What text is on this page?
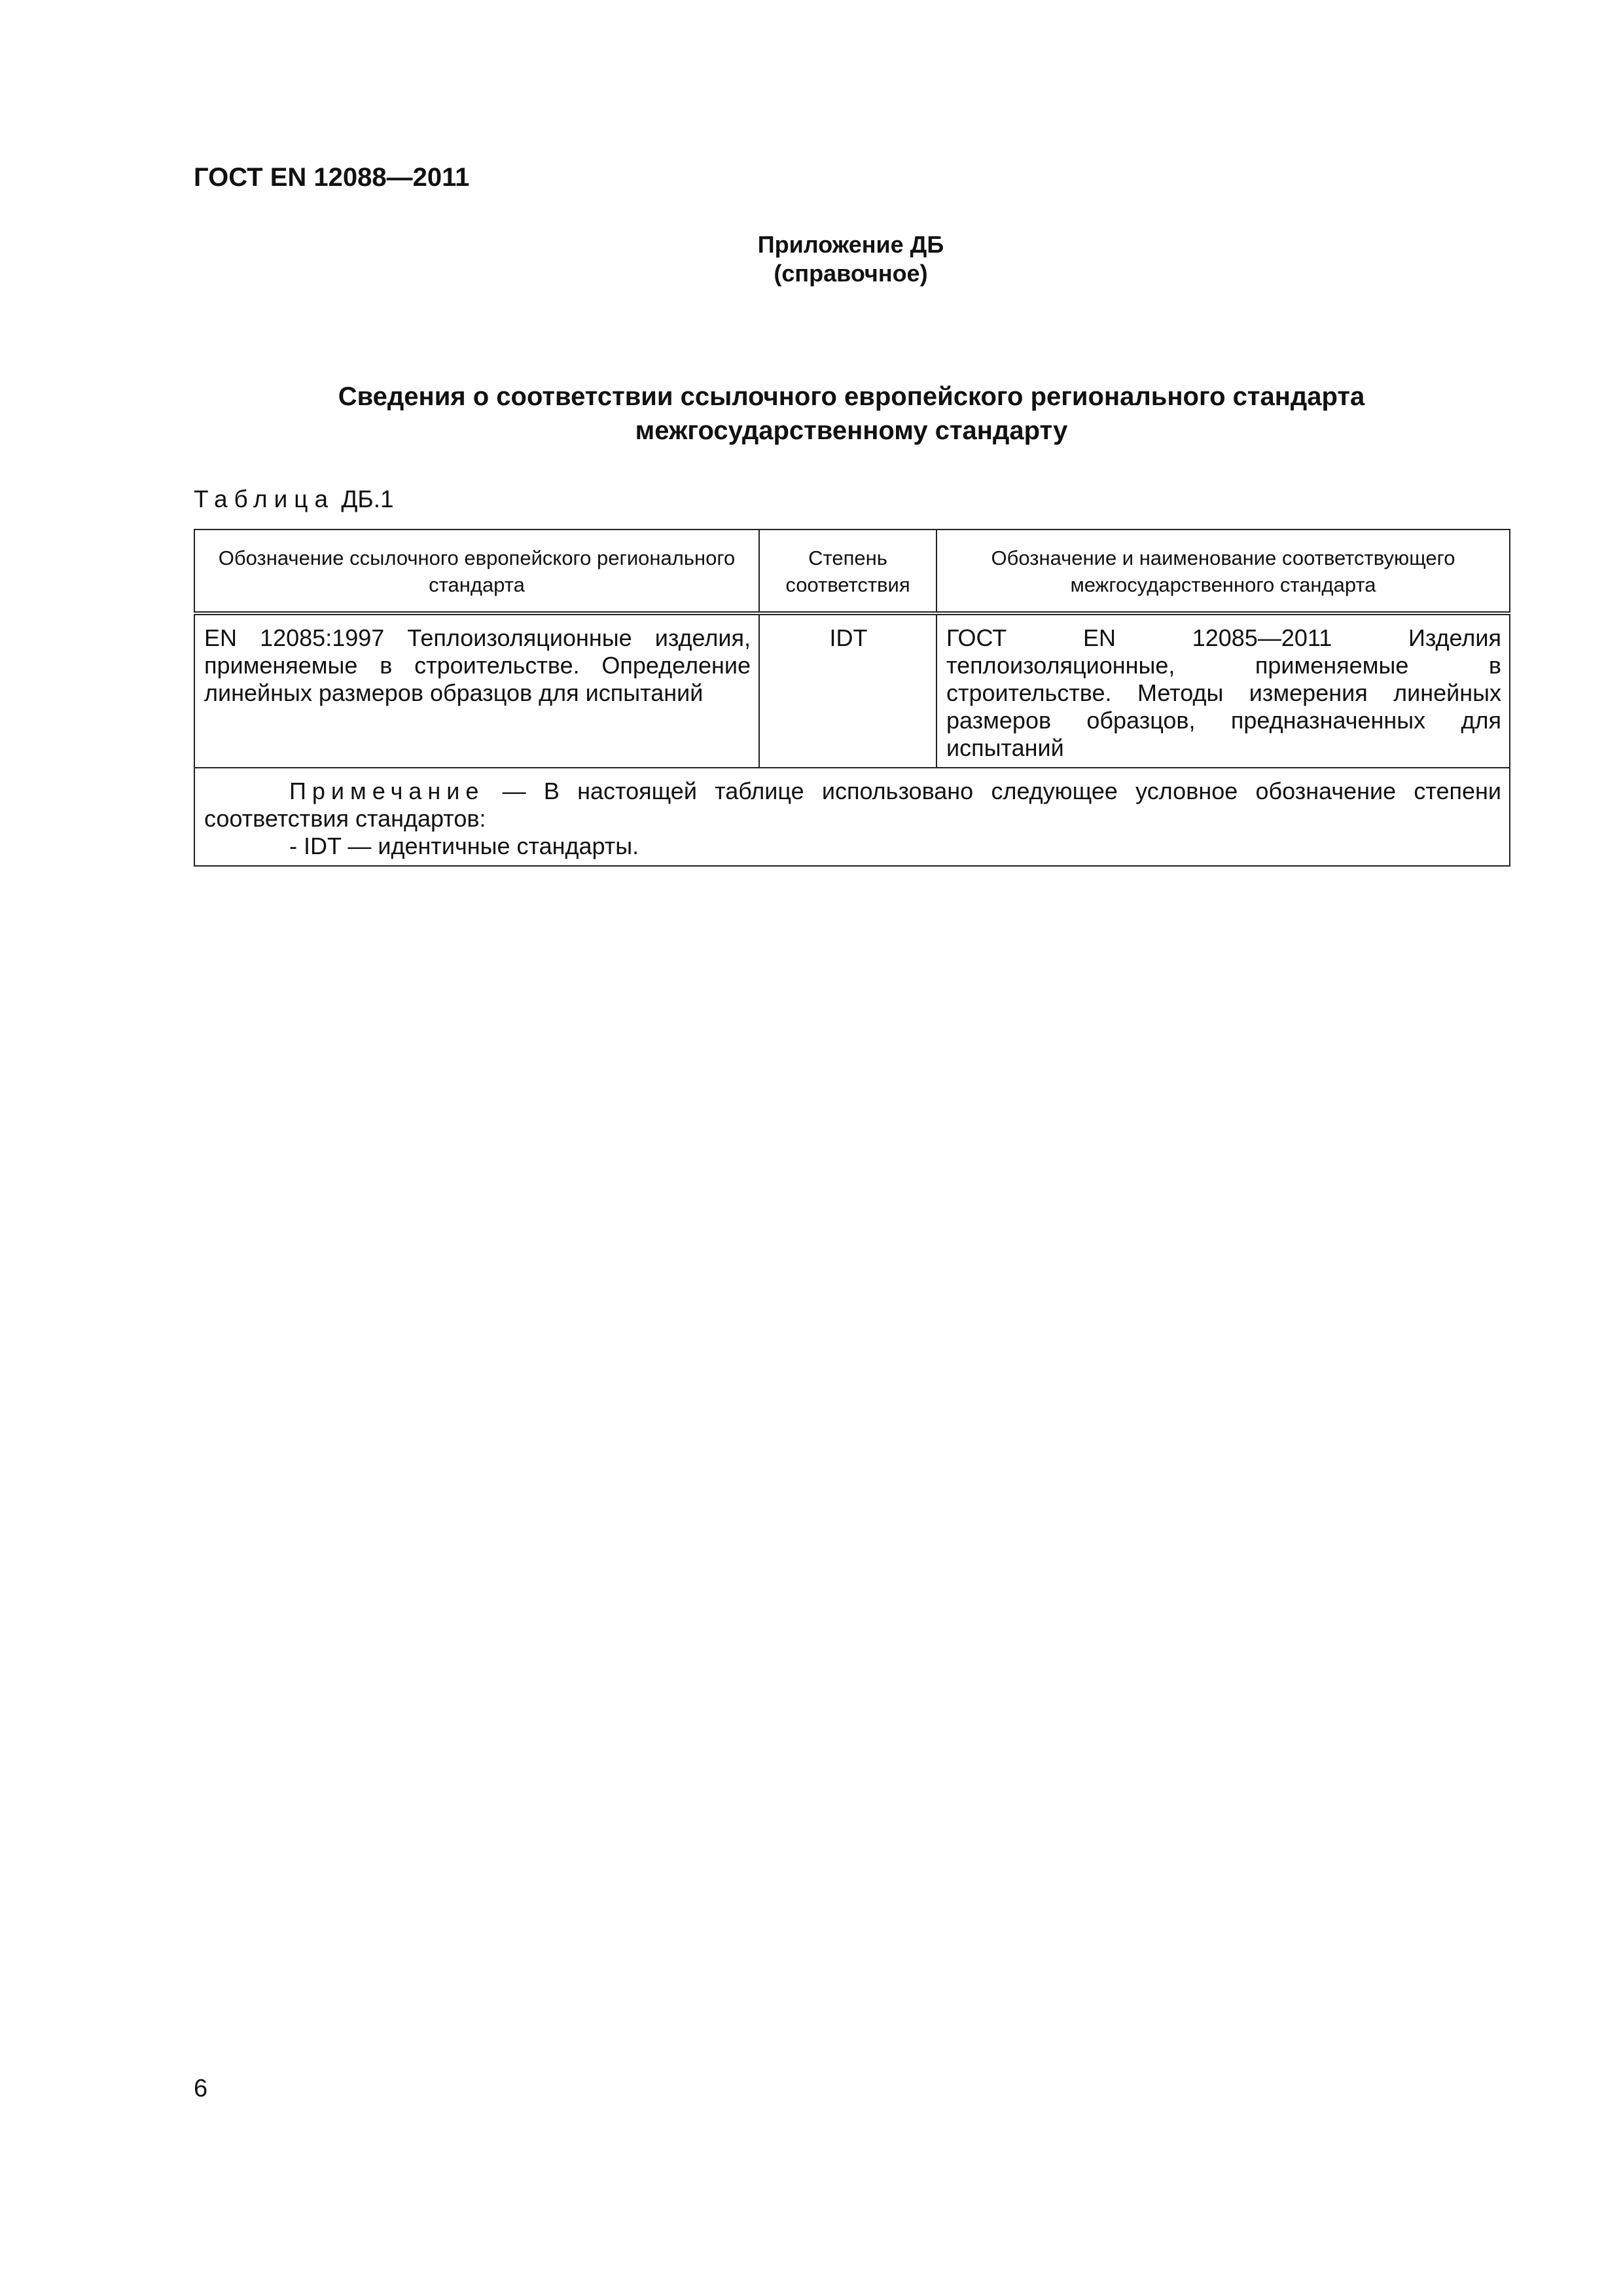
ГОСТ EN 12088—2011
Приложение ДБ
(справочное)
Сведения о соответствии ссылочного европейского регионального стандарта
межгосударственному стандарту
Таблица ДБ.1
Обозначение ссылочного европейского регионального стандарта	Степень соответствия	Обозначение и наименование соответствующего межгосударственного стандарта
EN 12085:1997 Теплоизоляционные изделия, применяемые в строительстве. Определение линейных размеров образцов для испытаний	IDT	ГОСТ EN 12085—2011 Изделия теплоизоляционные, применяемые в строительстве. Методы измерения линейных размеров образцов, предназначенных для испытаний

Примечание — В настоящей таблице использовано следующее условное обозначение степени соответствия стандартов:
- IDT — идентичные стандарты.		
6
